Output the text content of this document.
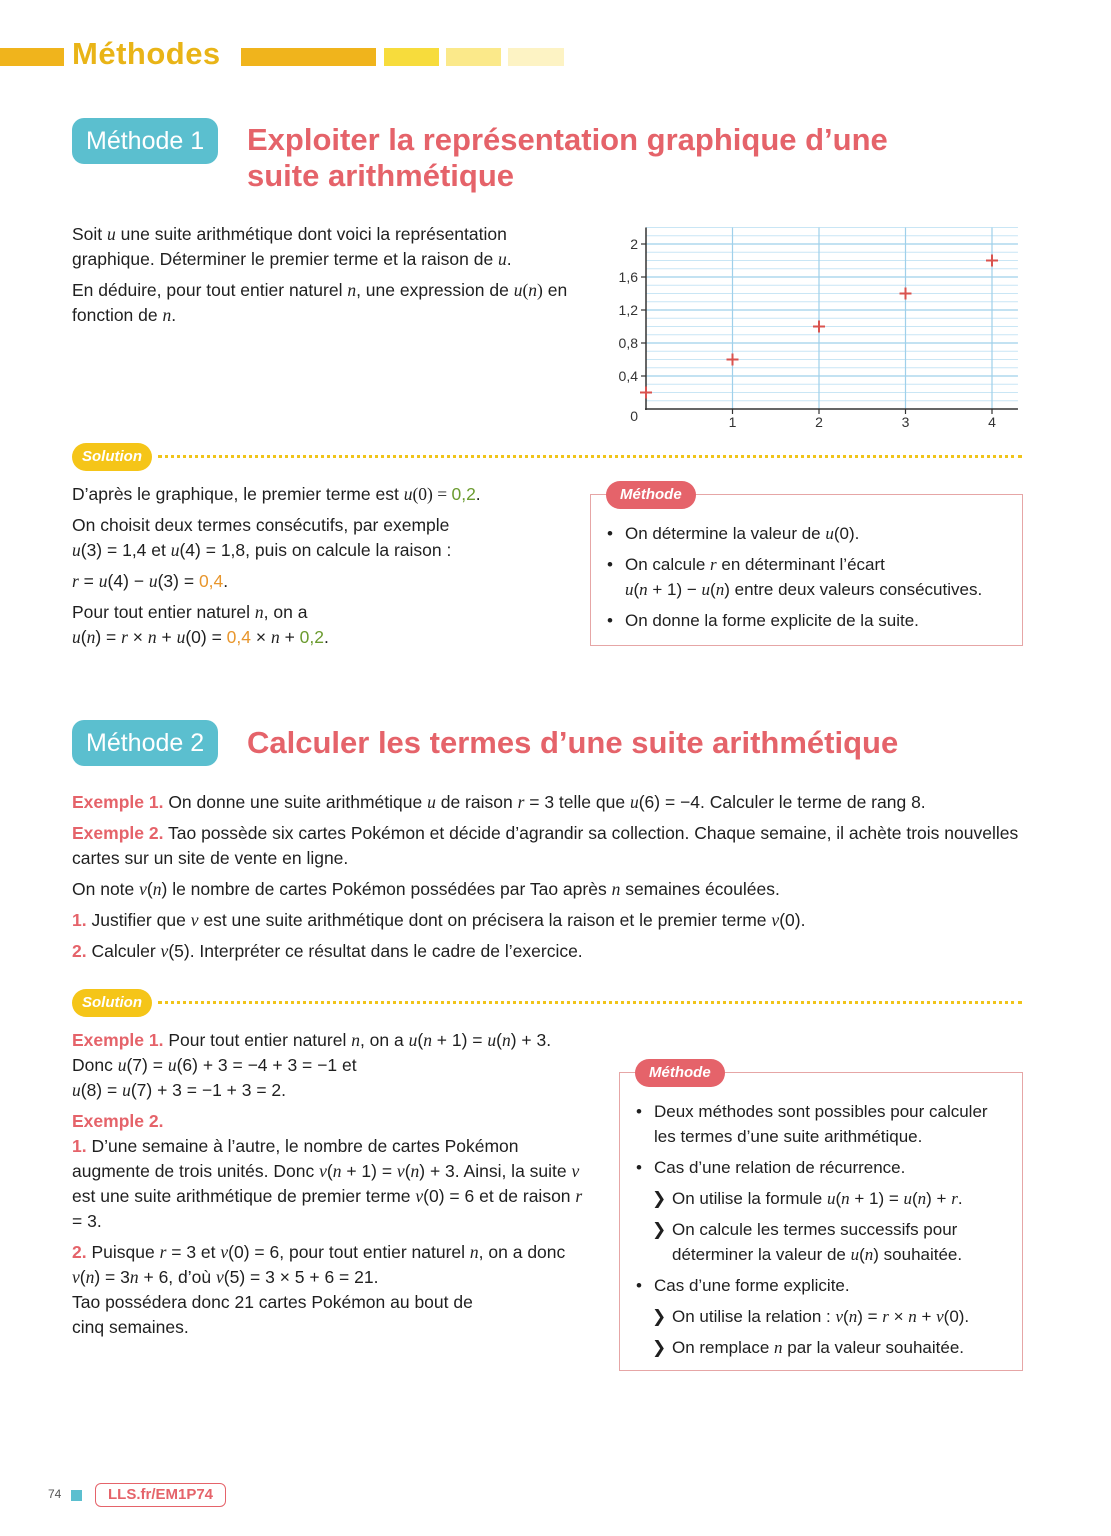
Méthodes
Méthode 1	Exploiter la représentation graphique d’une
suite arithmétique

Soit u une suite arithmétique dont voici la représentation graphique. Déterminer le premier terme et la raison de u.

En déduire, pour tout entier naturel n, une expression de u(n) en fonction de n.

1	2	3	4
0,4
0,8
1,2
1,6
2
0
Solution

D’après le graphique, le premier terme est u(0) = 0,2.

On choisit deux termes consécutifs, par exemple

u(3) = 1,4 et u(4) = 1,8, puis on calcule la raison :

r = u(4) − u(3) = 0,4.

Pour tout entier naturel n, on a

u(n) = r × n + u(0) = 0,4 × n + 0,2.

• On détermine la valeur de u(0).
• On calcule r en déterminant l’écart
u(n + 1) − u(n) entre deux valeurs consécutives.
• On donne la forme explicite de la suite.
Méthode
Méthode 2	Calculer les termes d’une suite arithmétique

Exemple 1. On donne une suite arithmétique u de raison r = 3 telle que u(6) = −4. Calculer le terme de rang 8.

Exemple 2. Tao possède six cartes Pokémon et décide d’agrandir sa collection. Chaque semaine, il achète trois nouvelles cartes sur un site de vente en ligne.

On note v(n) le nombre de cartes Pokémon possédées par Tao après n semaines écoulées.

1. Justifier que v est une suite arithmétique dont on précisera la raison et le premier terme v(0).

2. Calculer v(5). Interpréter ce résultat dans le cadre de l’exercice.

Solution
Exemple 1. Pour tout entier naturel n, on a u(n + 1) = u(n) + 3.
Donc u(7) = u(6) + 3 = −4 + 3 = −1 et
u(8) = u(7) + 3 = −1 + 3 = 2.
Exemple 2.

1. D’une semaine à l’autre, le nombre de cartes Pokémon augmente de trois unités. Donc v(n + 1) = v(n) + 3. Ainsi, la suite v est une suite arithmétique de premier terme v(0) = 6 et de raison r = 3.

2. Puisque r = 3 et v(0) = 6, pour tout entier naturel n, on a donc v(n) = 3n + 6, d’où v(5) = 3 × 5 + 6 = 21.

Tao possédera donc 21 cartes Pokémon au bout de
cinq semaines.
• Deux méthodes sont possibles pour calculer les termes d’une suite arithmétique.
• Cas d’une relation de récurrence.
❯ On utilise la formule u(n + 1) = u(n) + r.
❯ On calcule les termes successifs pour déterminer la valeur de u(n) souhaitée.
• Cas d’une forme explicite.
❯ On utilise la relation : v(n) = r × n + v(0).
❯ On remplace n par la valeur souhaitée.
Méthode
74	LLS.fr/EM1P74
